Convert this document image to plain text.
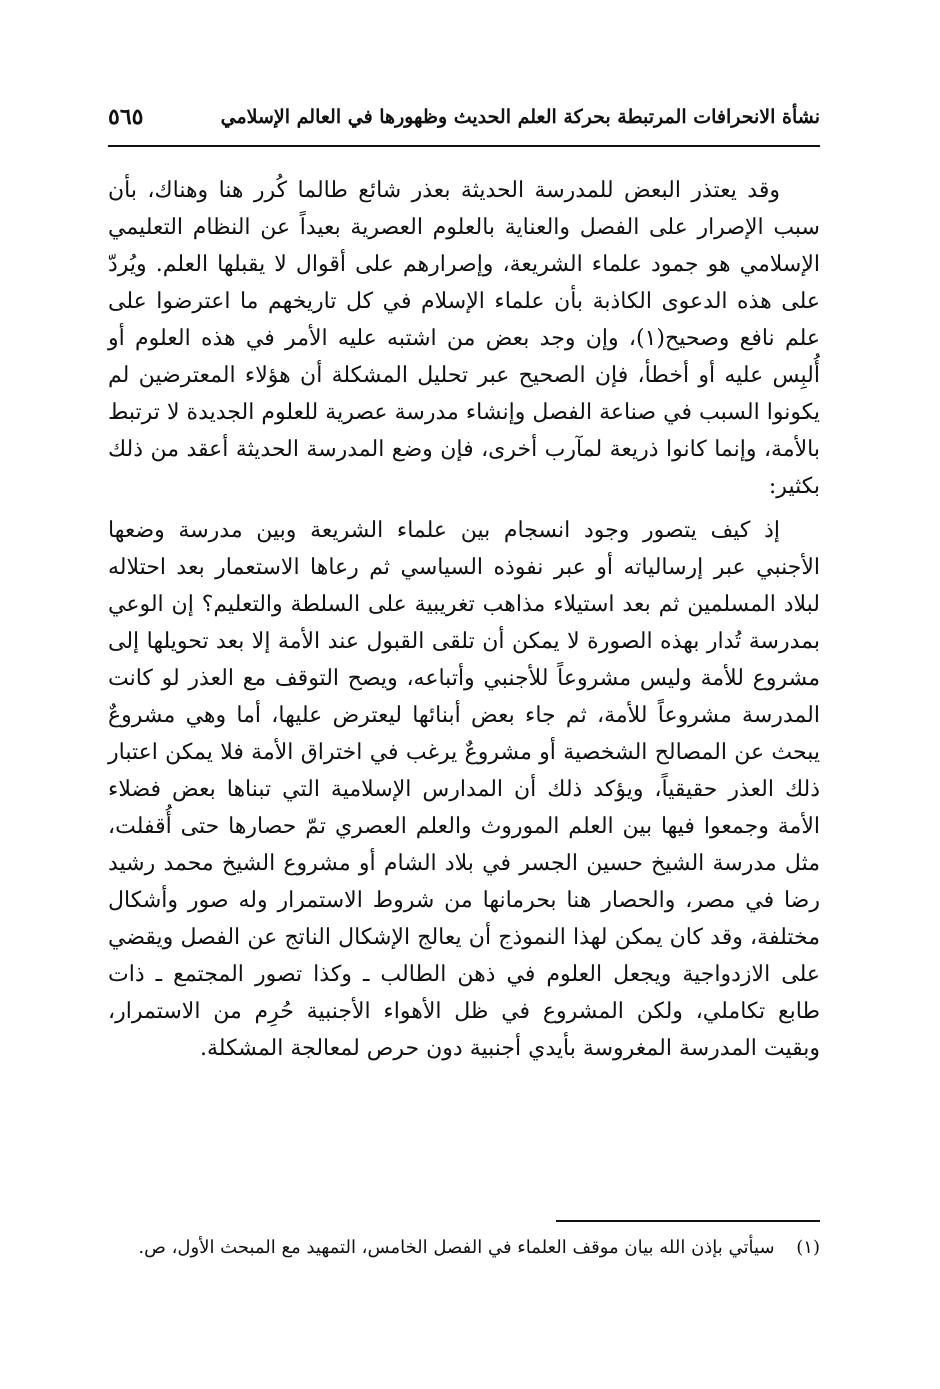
نشأة الانحرافات المرتبطة بحركة العلم الحديث وظهورها في العالم الإسلامي
٥٦٥

وقد يعتذر البعض للمدرسة الحديثة بعذر شائع طالما كُرر هنا وهناك، بأن سبب الإصرار على الفصل والعناية بالعلوم العصرية بعيداً عن النظام التعليمي الإسلامي هو جمود علماء الشريعة، وإصرارهم على أقوال لا يقبلها العلم. ويُردّ على هذه الدعوى الكاذبة بأن علماء الإسلام في كل تاريخهم ما اعترضوا على علم نافع وصحيح(١)، وإن وجد بعض من اشتبه عليه الأمر في هذه العلوم أو أُلبِس عليه أو أخطأ، فإن الصحيح عبر تحليل المشكلة أن هؤلاء المعترضين لم يكونوا السبب في صناعة الفصل وإنشاء مدرسة عصرية للعلوم الجديدة لا ترتبط بالأمة، وإنما كانوا ذريعة لمآرب أخرى، فإن وضع المدرسة الحديثة أعقد من ذلك بكثير:

إذ كيف يتصور وجود انسجام بين علماء الشريعة وبين مدرسة وضعها الأجنبي عبر إرسالياته أو عبر نفوذه السياسي ثم رعاها الاستعمار بعد احتلاله لبلاد المسلمين ثم بعد استيلاء مذاهب تغريبية على السلطة والتعليم؟ إن الوعي بمدرسة تُدار بهذه الصورة لا يمكن أن تلقى القبول عند الأمة إلا بعد تحويلها إلى مشروع للأمة وليس مشروعاً للأجنبي وأتباعه، ويصح التوقف مع العذر لو كانت المدرسة مشروعاً للأمة، ثم جاء بعض أبنائها ليعترض عليها، أما وهي مشروعٌ يبحث عن المصالح الشخصية أو مشروعٌ يرغب في اختراق الأمة فلا يمكن اعتبار ذلك العذر حقيقياً، ويؤكد ذلك أن المدارس الإسلامية التي تبناها بعض فضلاء الأمة وجمعوا فيها بين العلم الموروث والعلم العصري تمّ حصارها حتى أُقفلت، مثل مدرسة الشيخ حسين الجسر في بلاد الشام أو مشروع الشيخ محمد رشيد رضا في مصر، والحصار هنا بحرمانها من شروط الاستمرار وله صور وأشكال مختلفة، وقد كان يمكن لهذا النموذج أن يعالج الإشكال الناتج عن الفصل ويقضي على الازدواجية ويجعل العلوم في ذهن الطالب ـ وكذا تصور المجتمع ـ ذات طابع تكاملي، ولكن المشروع في ظل الأهواء الأجنبية حُرِم من الاستمرار، وبقيت المدرسة المغروسة بأيدي أجنبية دون حرص لمعالجة المشكلة.

(١) سيأتي بإذن الله بيان موقف العلماء في الفصل الخامس، التمهيد مع المبحث الأول، ص.
